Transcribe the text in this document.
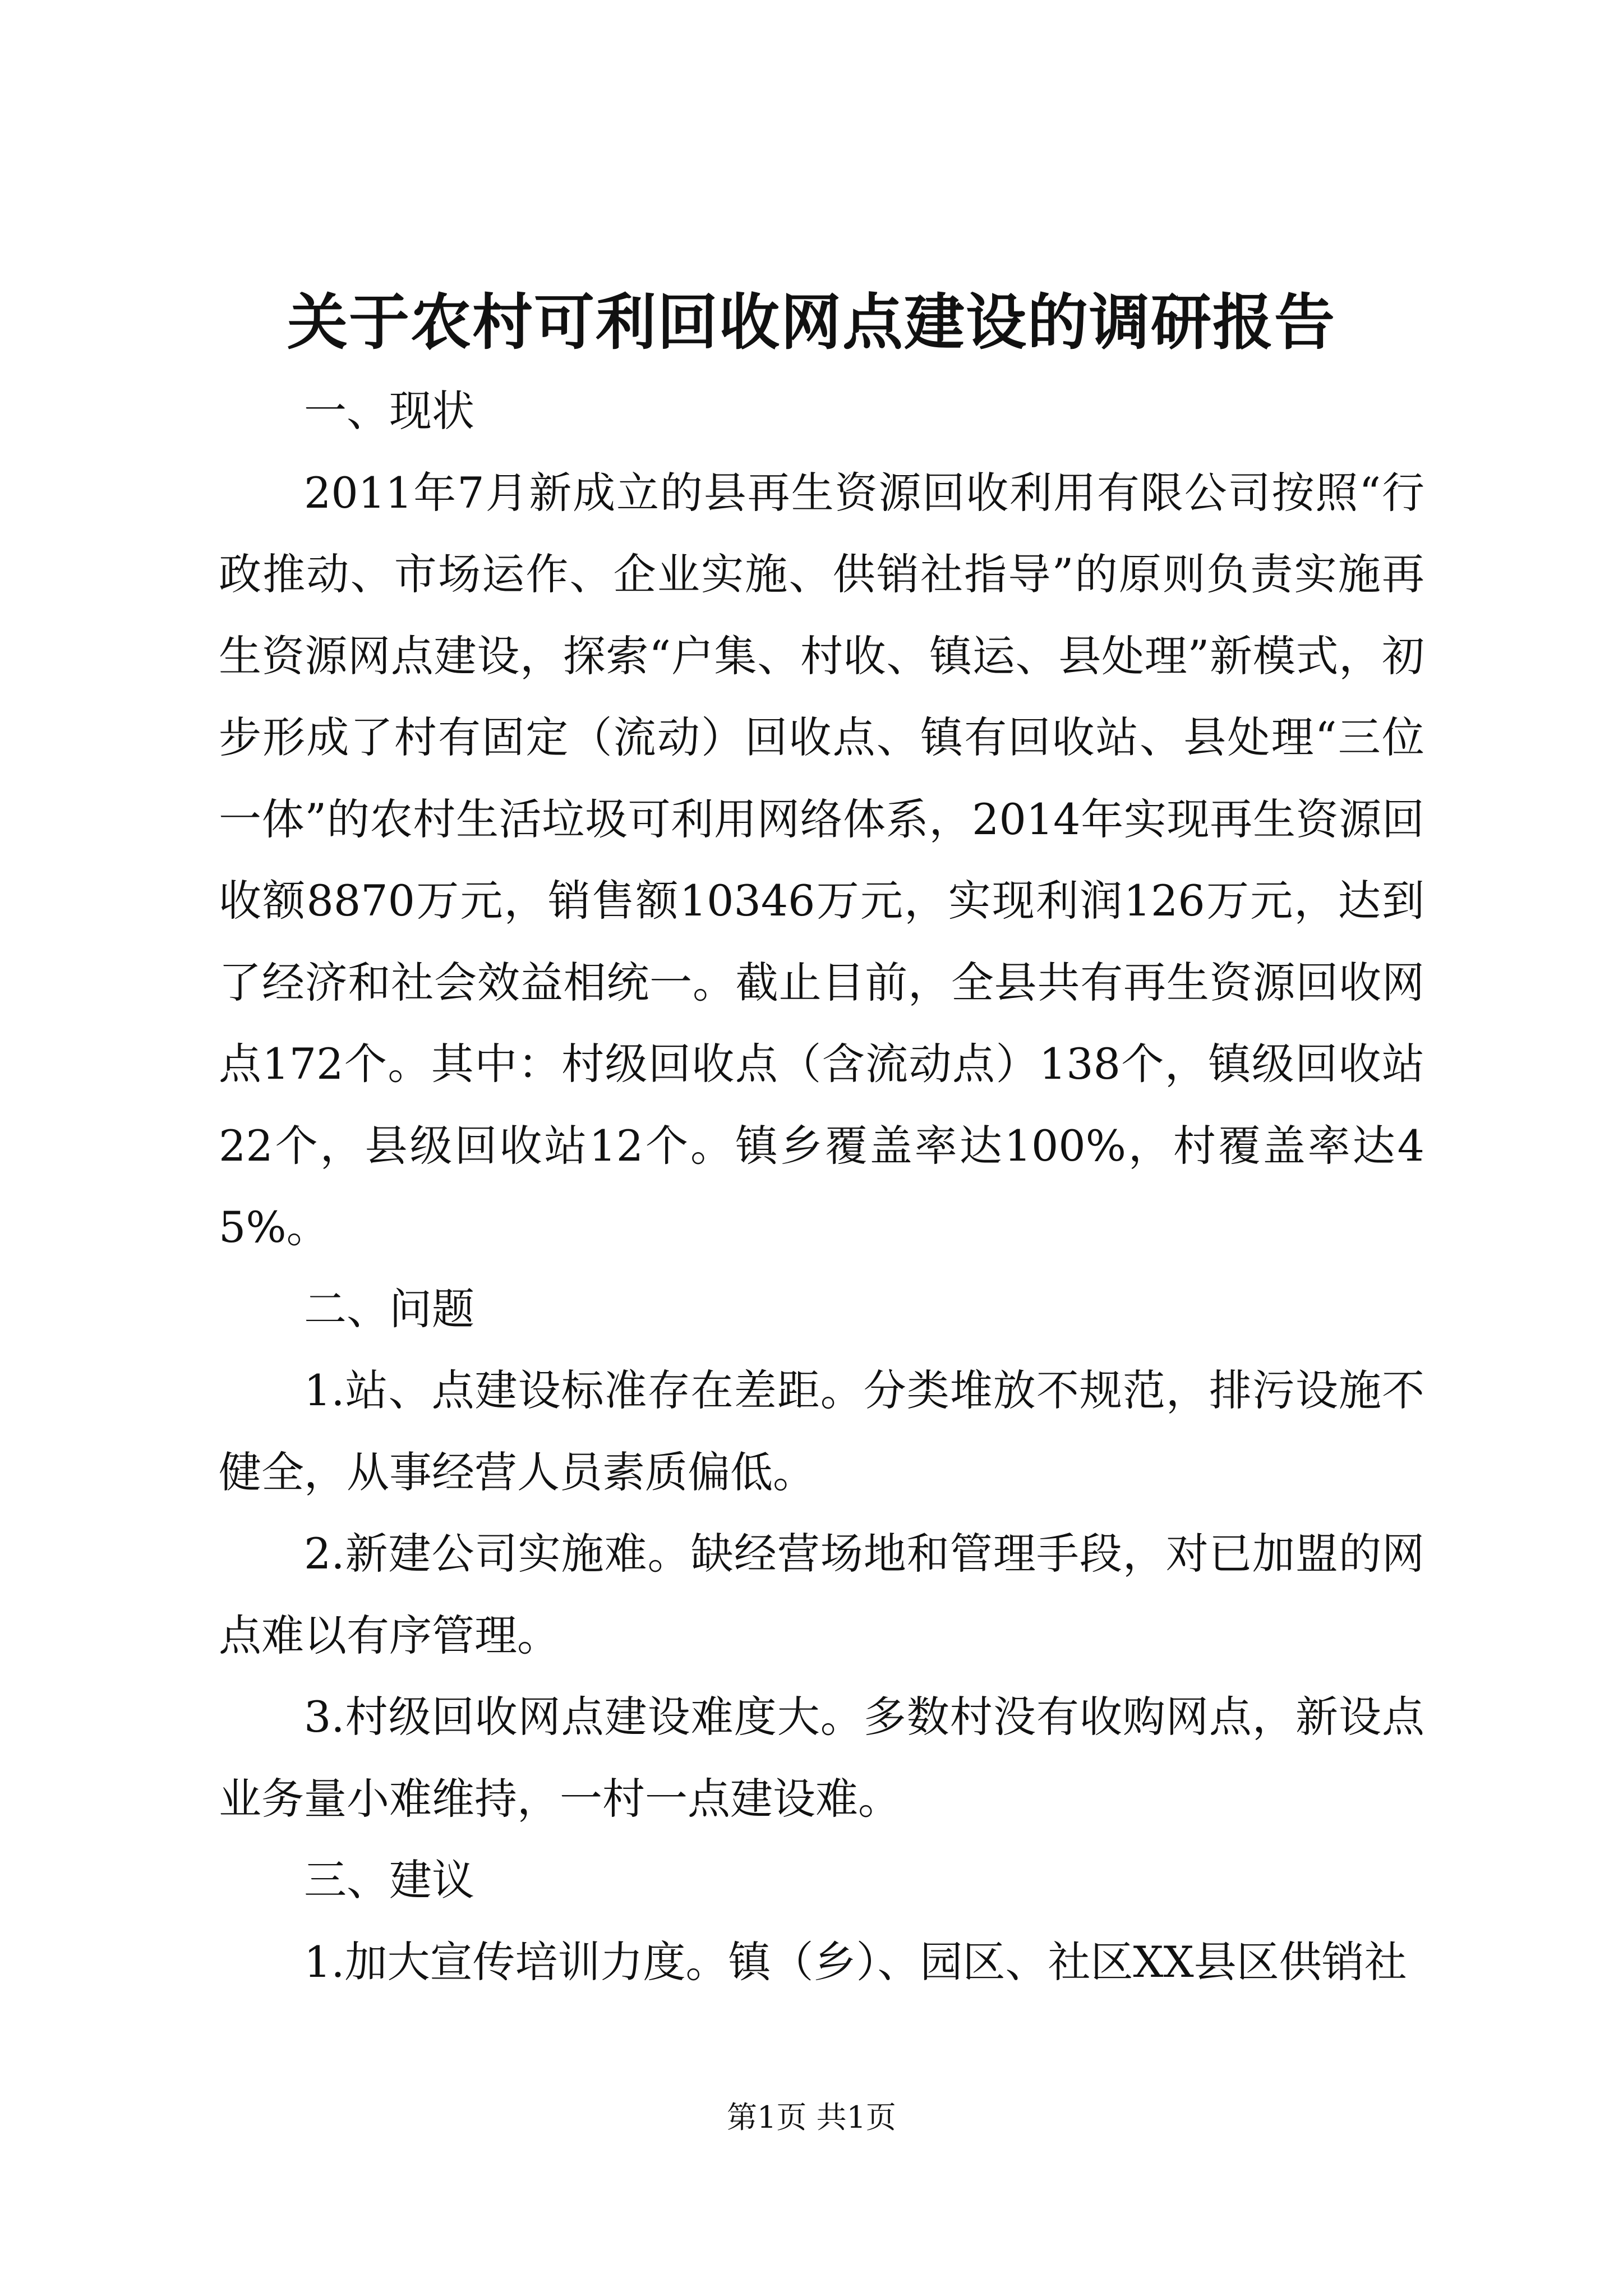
关于农村可利回收网点建设的调研报告

一、现状

2011年7月新成立的县再生资源回收利用有限公司按照“行政推动、市场运作、企业实施、供销社指导”的原则负责实施再生资源网点建设，探索“户集、村收、镇运、县处理”新模式，初步形成了村有固定（流动）回收点、镇有回收站、县处理“三位一体”的农村生活垃圾可利用网络体系，2014年实现再生资源回收额8870万元，销售额10346万元，实现利润126万元，达到了经济和社会效益相统一。截止目前，全县共有再生资源回收网点172个。其中：村级回收点（含流动点）138个，镇级回收站22个，县级回收站12个。镇乡覆盖率达100%，村覆盖率达45%。

二、问题

1.站、点建设标准存在差距。分类堆放不规范，排污设施不健全，从事经营人员素质偏低。

2.新建公司实施难。缺经营场地和管理手段，对已加盟的网点难以有序管理。

3.村级回收网点建设难度大。多数村没有收购网点，新设点业务量小难维持，一村一点建设难。

三、建议

1.加大宣传培训力度。镇（乡）、园区、社区XX县区供销社

第1页 共1页
